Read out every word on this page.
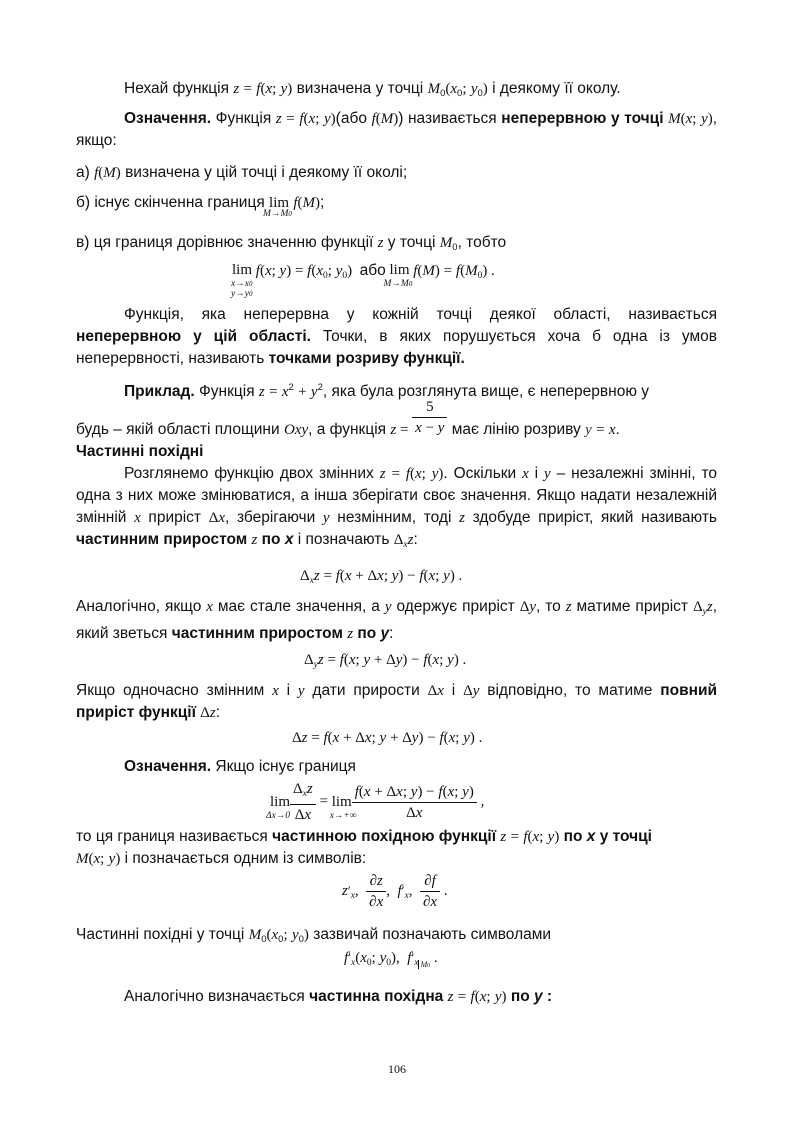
Нехай функція z = f(x; y) визначена у точці $M_0(x_0$; $y_0$) і деякому її околу.
Означення. Функція z = f(x; y)(або f(M)) називається неперервною у точці M(x; y), якщо:
а) f(M) визначена у цій точці і деякому її околі;
б) існує скінченна границя lim
M→M0
f(M);
в) ця границя дорівнює значенню функції z у точці $M_0$, тобто
lim
x→x0
y→y0
f(x; $y) = f(x_0$; $y_0$)  або lim
M→M0
$f(M) = f(M_0)$ .
Функція, яка неперервна у кожній точці деякої області, називається неперервною у цій області. Точки, в яких порушується хоча б одна із умов неперервності, називають точками розриву функції.
Приклад. Функція $z = x^2 + y^2$, яка була розглянута вище, є неперервною у
будь – якій області площини Oxy, а функція $z = \frac{5}{x - y}$ має лінію розриву y = x.
Частинні похідні
Розглянемо функцію двох змінних z = f(x; y). Оскільки x і y – незалежні змінні, то одна з них може змінюватися, а інша зберігати своє значення. Якщо надати незалежній змінній x приріст Δx, зберігаючи y незмінним, тоді z здобуде приріст, який називають частинним приростом z по x і позначають $\Delta_xz$:
$\Delta_xz = f(x + \Delta x$; y) − f(x; y) .
Аналогічно, якщо x має стале значення, а y одержує приріст Δy, то z матиме приріст $\Delta_yz$, який зветься частинним приростом z по y:
$\Delta_yz = f(x$; y + Δy) − f(x; y) .
Якщо одночасно змінним x і y дати прирости Δx і Δy відповідно, то матиме повний приріст функції Δz:
Δz = f(x + Δx; y + Δy) − f(x; y) .
Означення. Якщо існує границя
lim
$\Delta x\to 0 \frac{\Delta_xz}{\Delta x} = \lim$
x→+∞
$\frac{f(x + \Delta x; y) - f(x; y)}{\Delta x}$ ,
то ця границя називається частинною похідною функції z = f(x; y) по x у точці
M(x; y) і позначається одним із символів:
$z'_x$, $\frac{\partial z}{\partial x}$ ,  $f'_x$, $\frac{\partial f}{\partial x}$ .
Частинні похідні у точці $M_0(x_0$; $y_0$) зазвичай позначають символами
$f'_x(x_0$; $y_0$),  $f'_x$ $_{M0}$ .
Аналогічно визначається частинна похідна z = f(x; y) по y :
106
